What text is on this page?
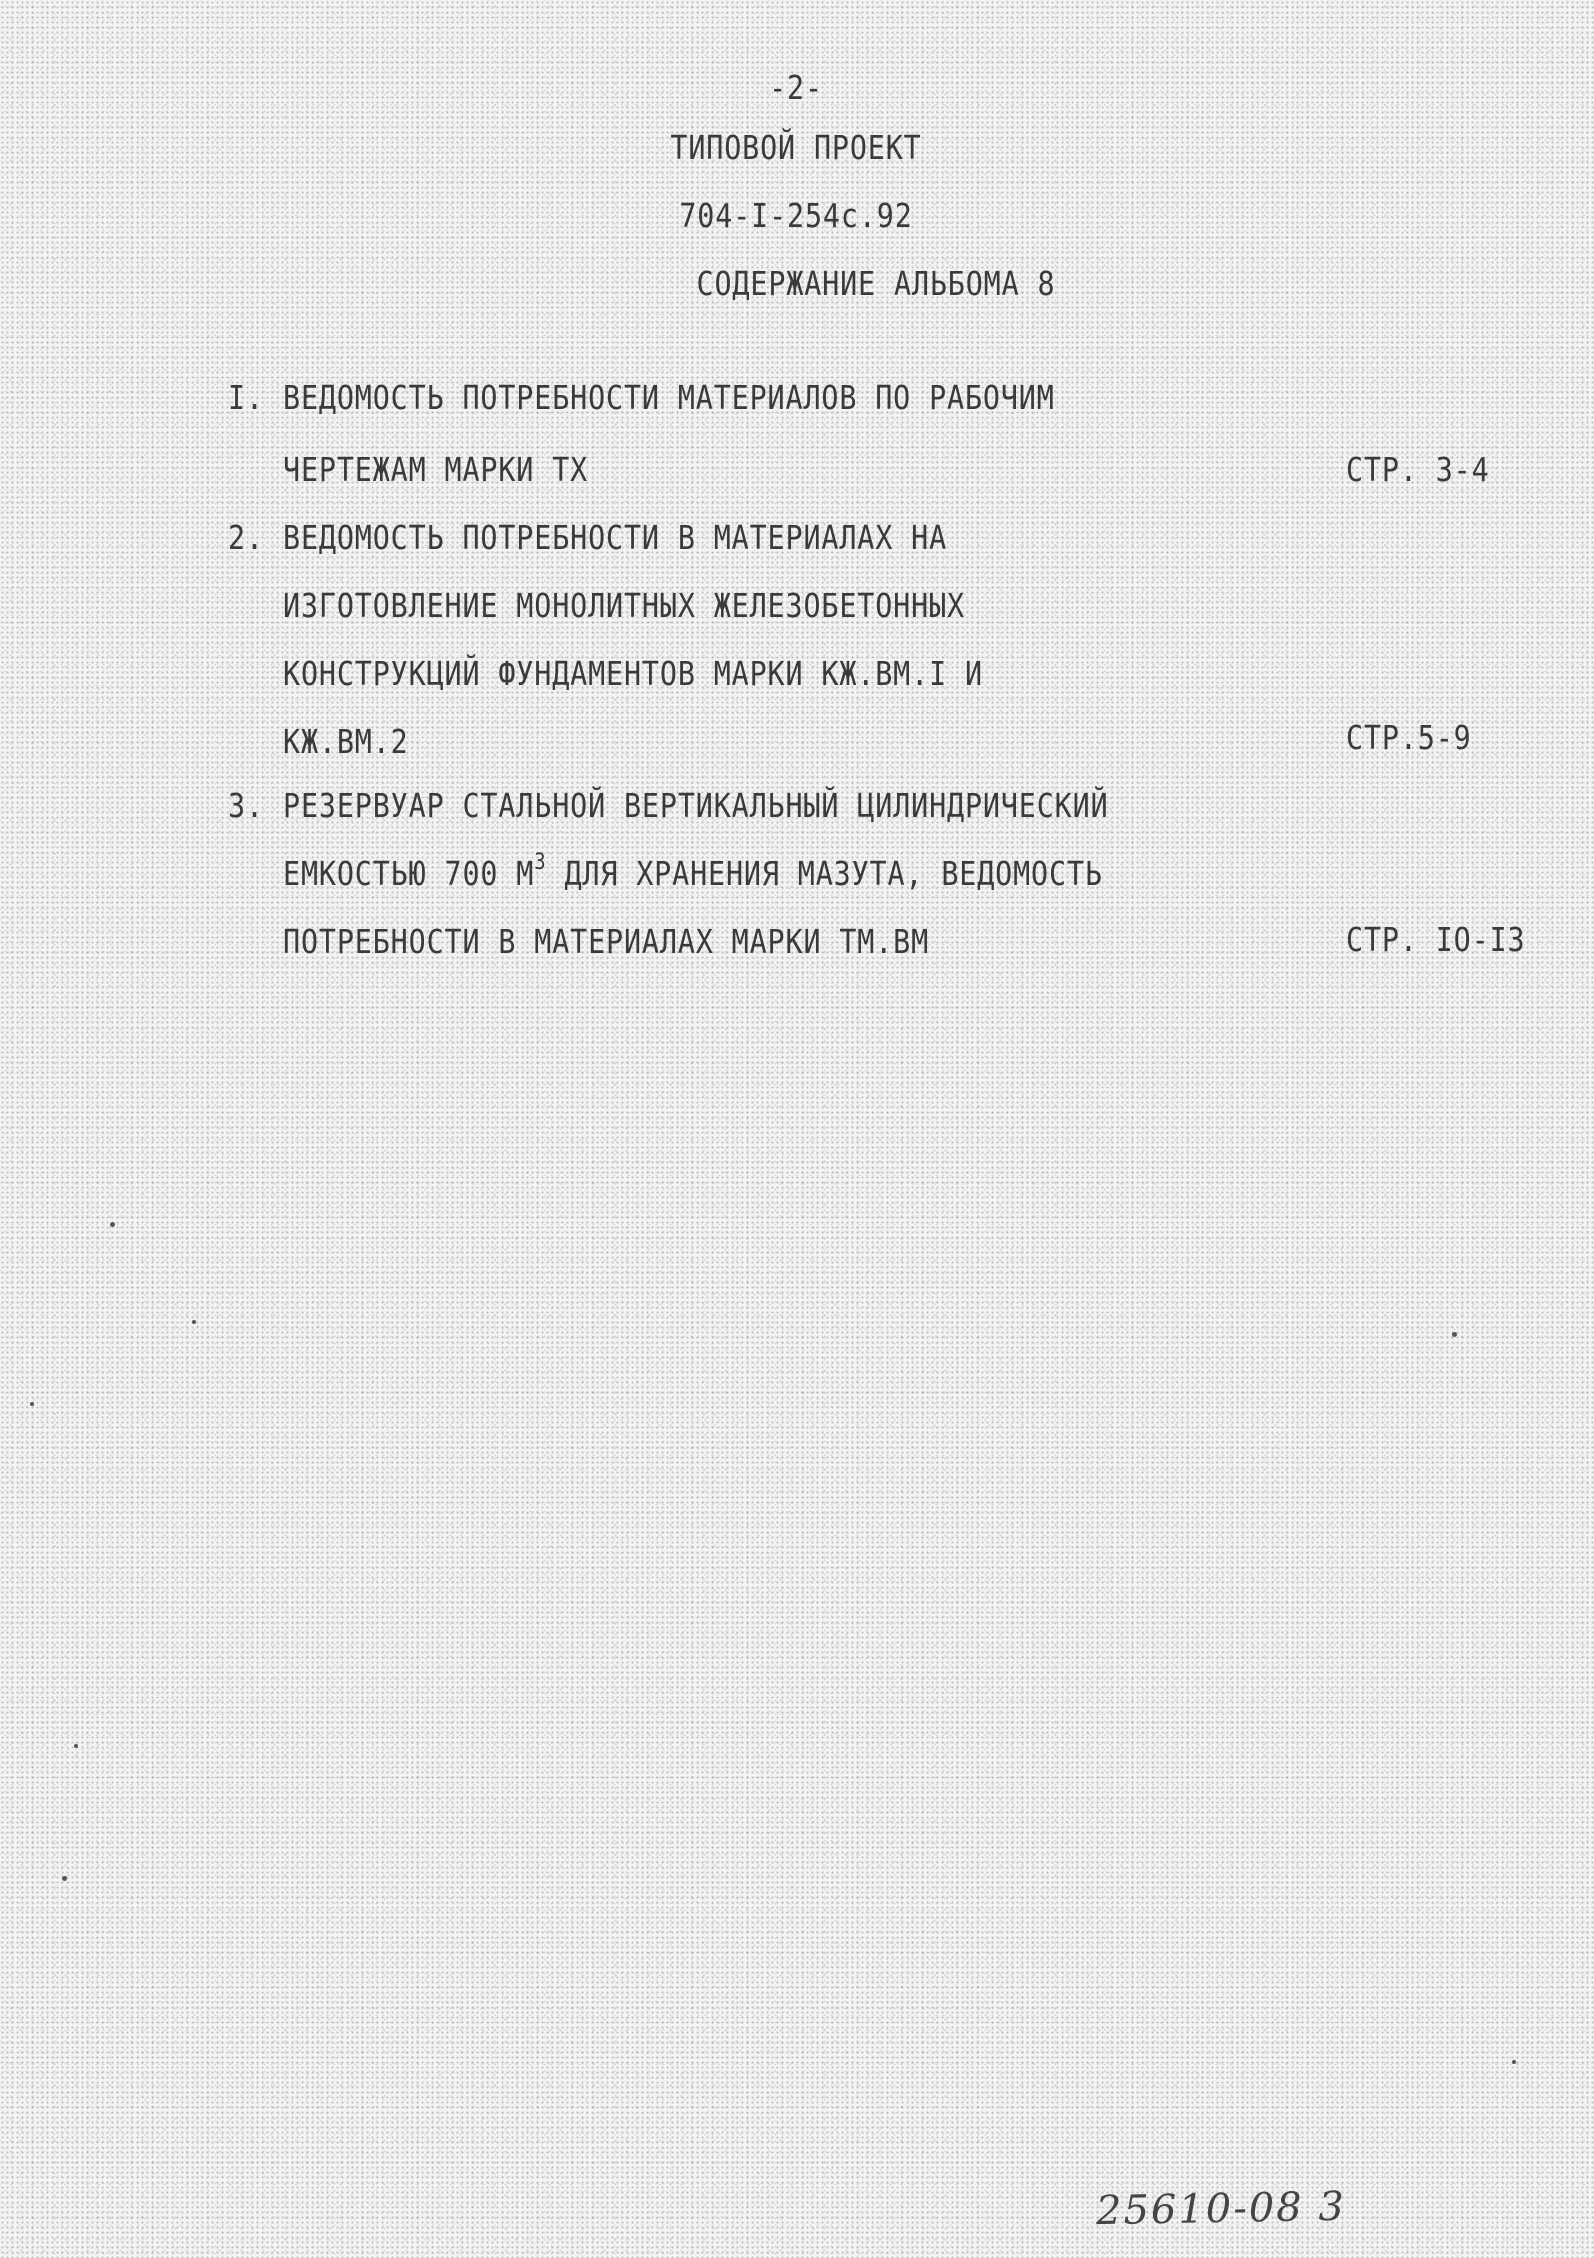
-2-
ТИПОВОЙ ПРОЕКТ
704-I-254с.92
СОДЕРЖАНИЕ АЛЬБОМА 8
I. ВЕДОМОСТЬ ПОТРЕБНОСТИ МАТЕРИАЛОВ ПО РАБОЧИМ
ЧЕРТЕЖАМ МАРКИ ТХ	СТР. 3-4
2. ВЕДОМОСТЬ ПОТРЕБНОСТИ В МАТЕРИАЛАХ НА
ИЗГОТОВЛЕНИЕ МОНОЛИТНЫХ ЖЕЛЕЗОБЕТОННЫХ
КОНСТРУКЦИЙ ФУНДАМЕНТОВ МАРКИ КЖ.ВМ.I И
КЖ.ВМ.2	СТР.5-9
3. РЕЗЕРВУАР СТАЛЬНОЙ ВЕРТИКАЛЬНЫЙ ЦИЛИНДРИЧЕСКИЙ
ЕМКОСТЬЮ 700 $М^3$ ДЛЯ ХРАНЕНИЯ МАЗУТА, ВЕДОМОСТЬ
ПОТРЕБНОСТИ В МАТЕРИАЛАХ МАРКИ ТМ.ВМ	СТР. IO-I3
25610-08 3
